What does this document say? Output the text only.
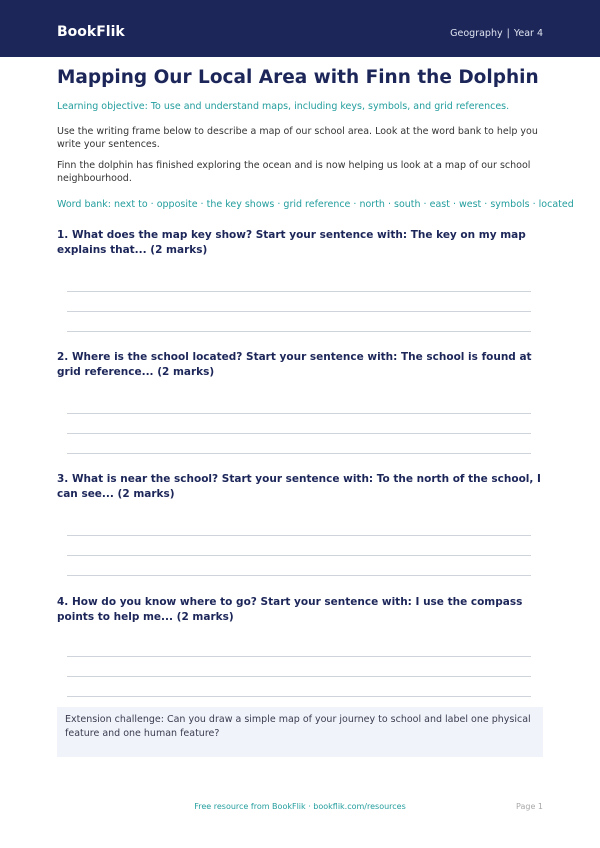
BookFlik	Geography | Year 4
Mapping Our Local Area with Finn the Dolphin

Learning objective: To use and understand maps, including keys, symbols, and grid references.

Use the writing frame below to describe a map of our school area. Look at the word bank to help you write your sentences.

Finn the dolphin has finished exploring the ocean and is now helping us look at a map of our school neighbourhood.

Word bank: next to · opposite · the key shows · grid reference · north · south · east · west · symbols · located

1. What does the map key show? Start your sentence with: The key on my map explains that... (2 marks)

2. Where is the school located? Start your sentence with: The school is found at grid reference... (2 marks)

3. What is near the school? Start your sentence with: To the north of the school, I can see... (2 marks)

4. How do you know where to go? Start your sentence with: I use the compass points to help me... (2 marks)

Extension challenge: Can you draw a simple map of your journey to school and label one physical feature and one human feature?

Free resource from BookFlik · bookflik.com/resources	Page 1
